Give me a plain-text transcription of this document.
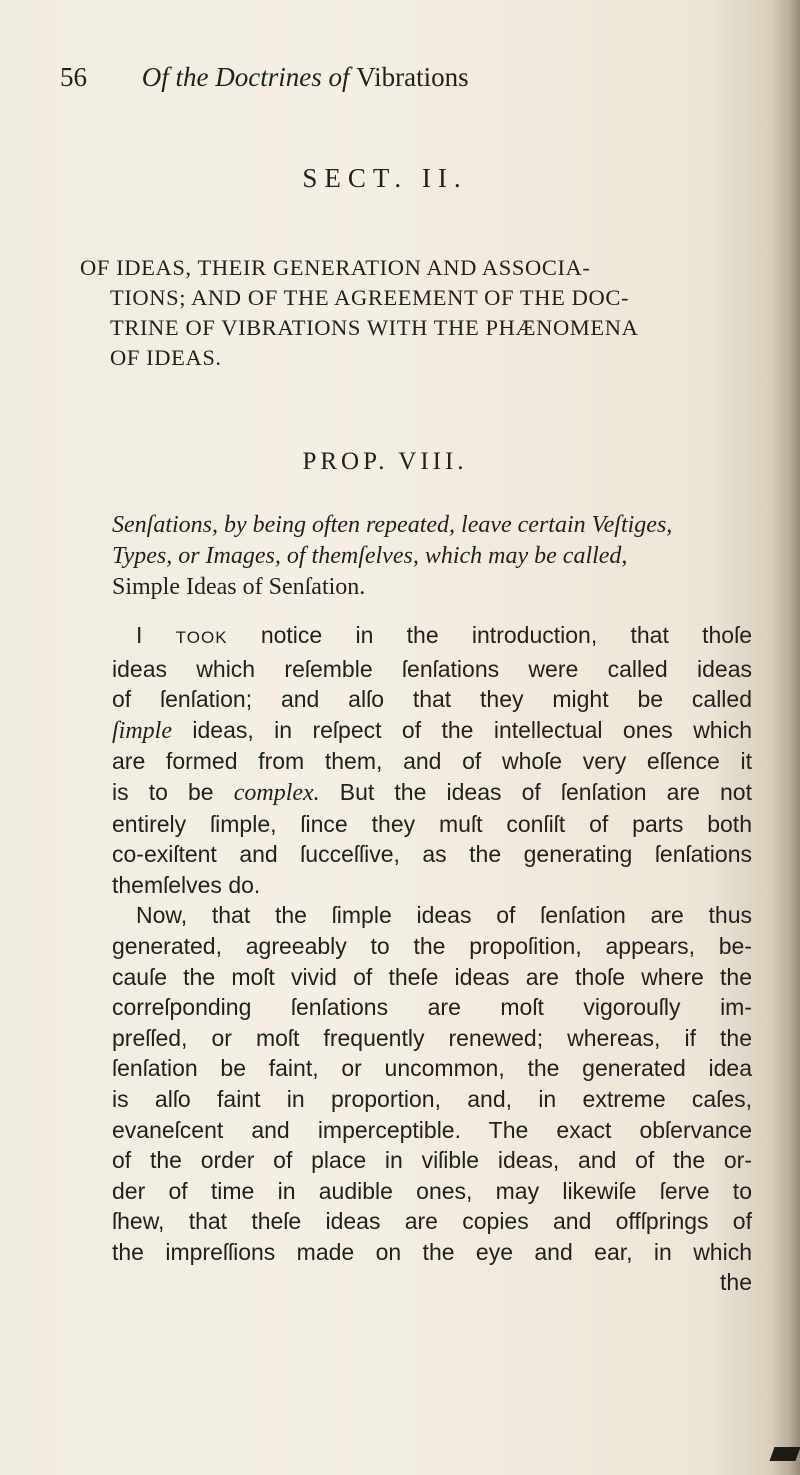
56 Of the Doctrines of Vibrations
SECT. II.
OF IDEAS, THEIR GENERATION AND ASSOCIA-
TIONS; AND OF THE AGREEMENT OF THE DOC-
TRINE OF VIBRATIONS WITH THE PHÆNOMENA
OF IDEAS.
PROP. VIII.
Senſations, by being often repeated, leave certain Veſtiges,
Types, or Images, of themſelves, which may be called,
Simple Ideas of Senſation.
I TOOK notice in the introduction, that thoſe
ideas which reſemble ſenſations were called ideas
of ſenſation; and alſo that they might be called
ſimple ideas, in reſpect of the intellectual ones which
are formed from them, and of whoſe very eſſence it
is to be complex. But the ideas of ſenſation are not
entirely ſimple, ſince they muſt conſiſt of parts both
co-exiſtent and ſucceſſive, as the generating ſenſations
themſelves do.
Now, that the ſimple ideas of ſenſation are thus
generated, agreeably to the propoſition, appears, be-
cauſe the moſt vivid of theſe ideas are thoſe where the
correſponding ſenſations are moſt vigorouſly im-
preſſed, or moſt frequently renewed; whereas, if the
ſenſation be faint, or uncommon, the generated idea
is alſo faint in proportion, and, in extreme caſes,
evaneſcent and imperceptible. The exact obſervance
of the order of place in viſible ideas, and of the or-
der of time in audible ones, may likewiſe ſerve to
ſhew, that theſe ideas are copies and offſprings of
the impreſſions made on the eye and ear, in which
the
